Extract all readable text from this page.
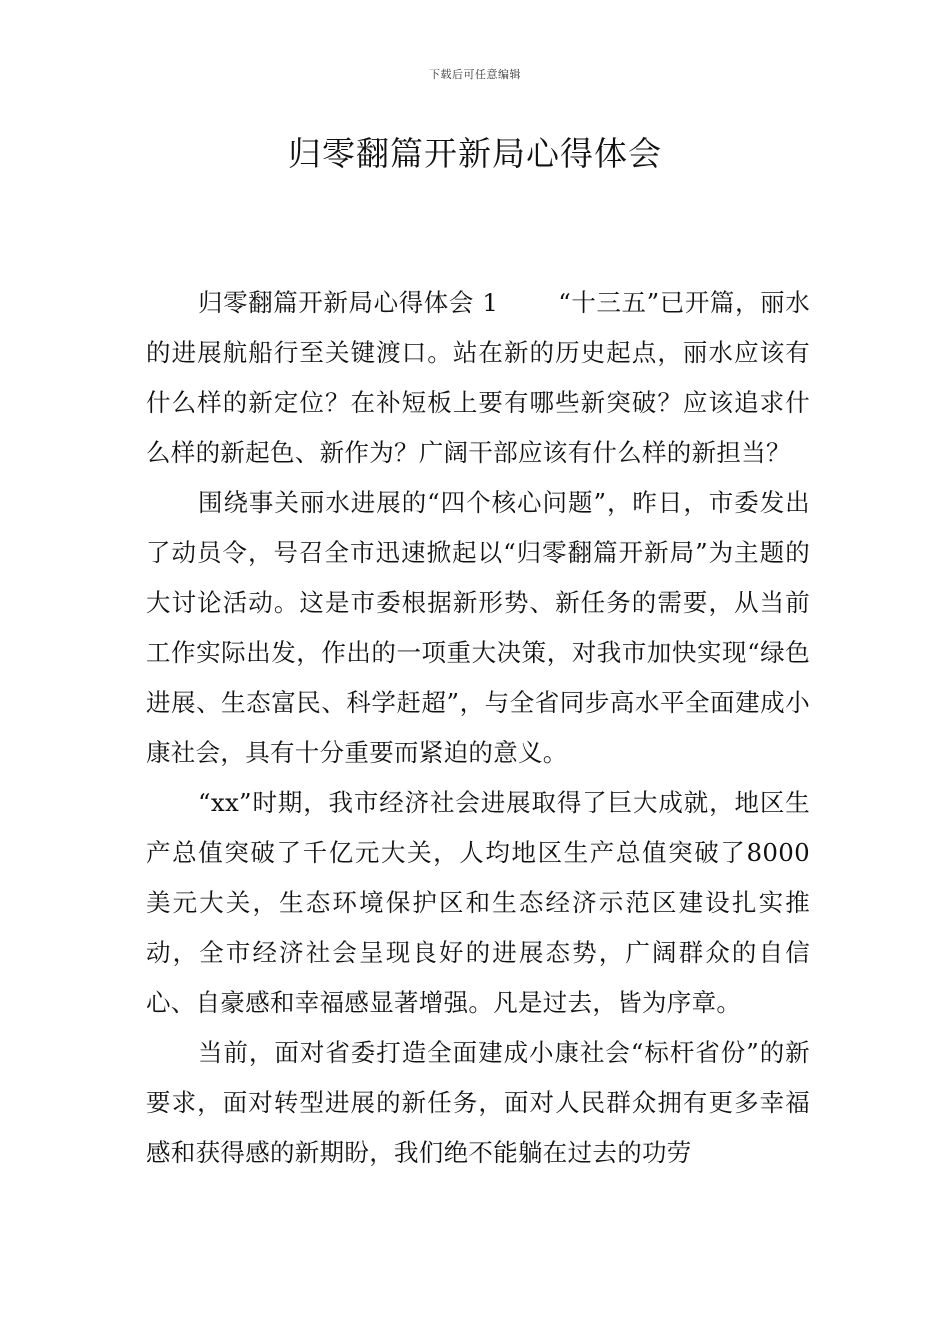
下载后可任意编辑
归零翻篇开新局心得体会

归零翻篇开新局心得体会 1 “十三五”已开篇，丽水的进展航船行至关键渡口。站在新的历史起点，丽水应该有什么样的新定位？在补短板上要有哪些新突破？应该追求什么样的新起色、新作为？广阔干部应该有什么样的新担当？

围绕事关丽水进展的“四个核心问题”，昨日，市委发出了动员令，号召全市迅速掀起以“归零翻篇开新局”为主题的大讨论活动。这是市委根据新形势、新任务的需要，从当前工作实际出发，作出的一项重大决策，对我市加快实现“绿色进展、生态富民、科学赶超”，与全省同步高水平全面建成小康社会，具有十分重要而紧迫的意义。

“xx”时期，我市经济社会进展取得了巨大成就，地区生产总值突破了千亿元大关，人均地区生产总值突破了8000 美元大关，生态环境保护区和生态经济示范区建设扎实推动，全市经济社会呈现良好的进展态势，广阔群众的自信心、自豪感和幸福感显著增强。凡是过去，皆为序章。

当前，面对省委打造全面建成小康社会“标杆省份”的新要求，面对转型进展的新任务，面对人民群众拥有更多幸福感和获得感的新期盼，我们绝不能躺在过去的功劳
